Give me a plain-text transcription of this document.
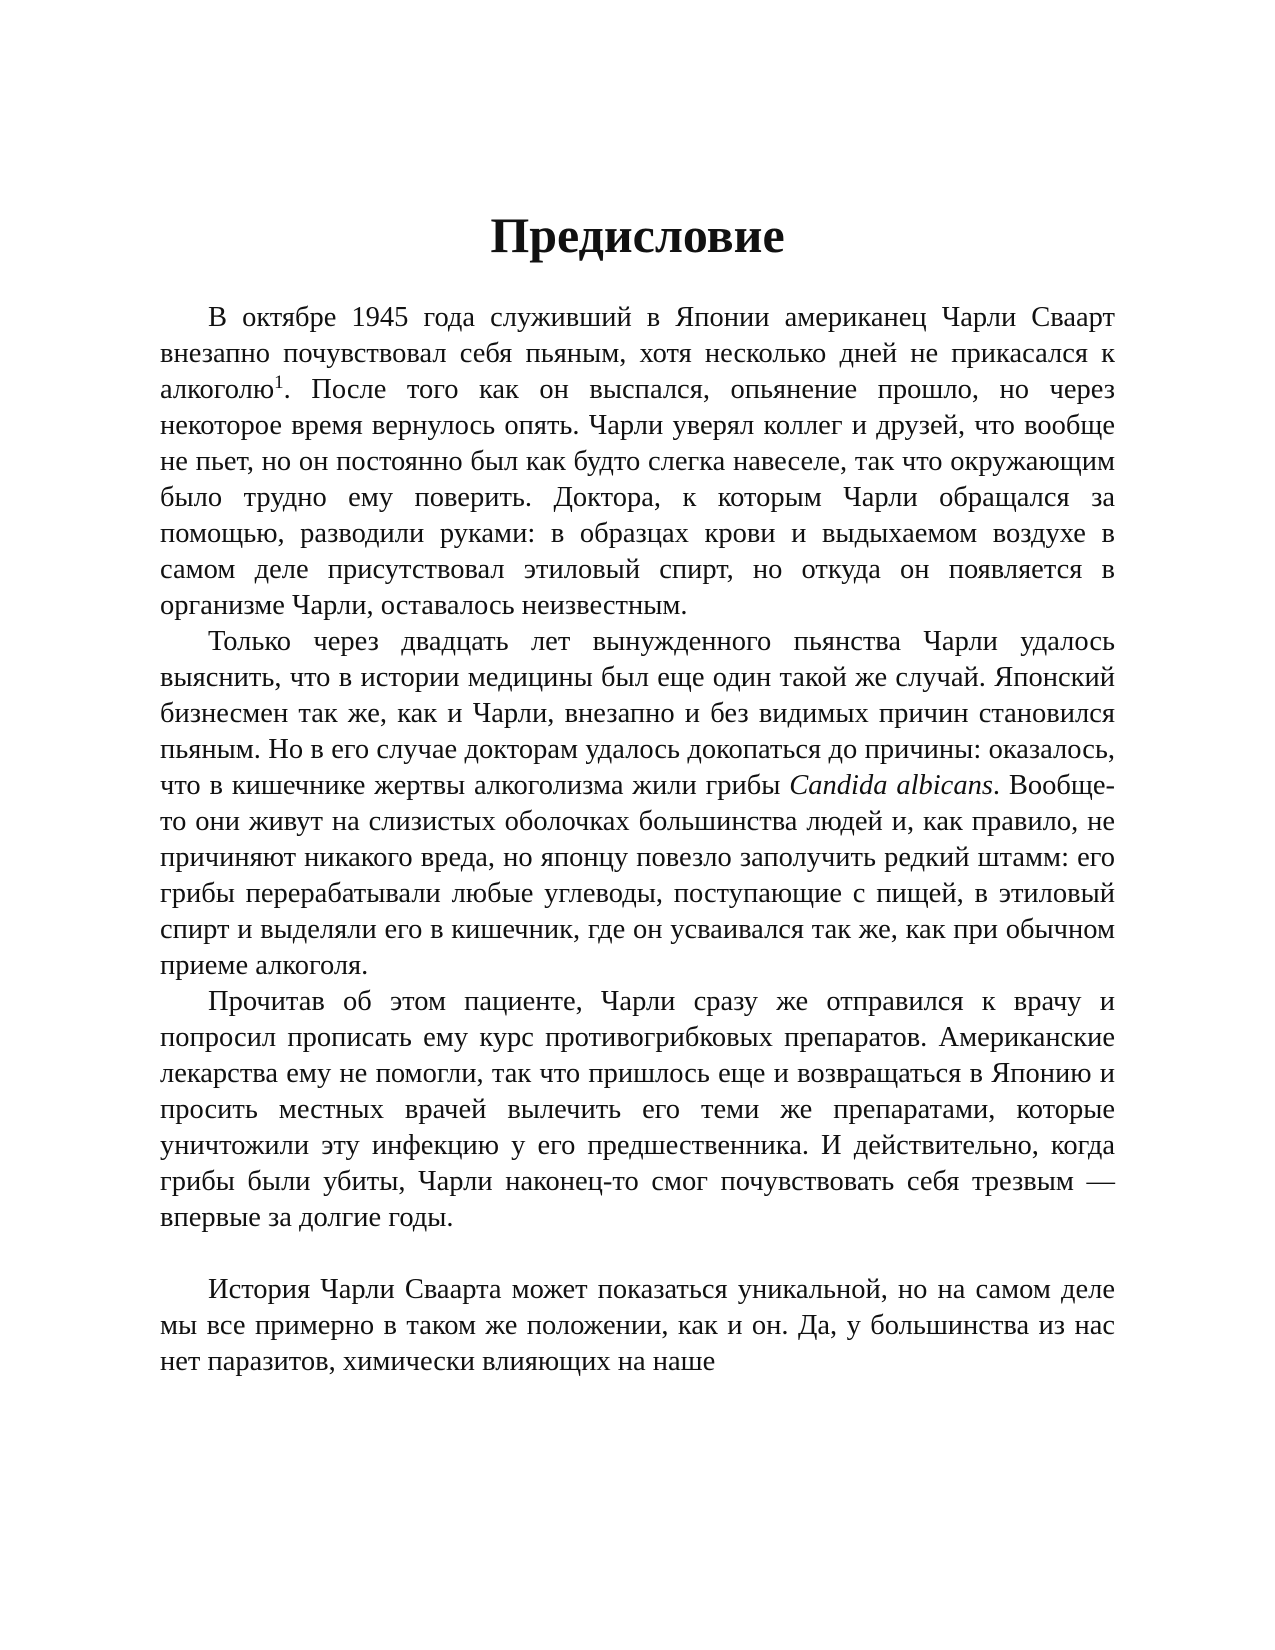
Предисловие

В октябре 1945 года служивший в Японии американец Чарли Сваарт внезапно почувствовал себя пьяным, хотя несколько дней не прикасался к алкоголю$^1$. После того как он выспался, опьянение прошло, но через некоторое время вернулось опять. Чарли уверял коллег и друзей, что вообще не пьет, но он постоянно был как будто слегка навеселе, так что окружающим было трудно ему поверить. Доктора, к которым Чарли обращался за помощью, разводили руками: в образцах крови и выдыхаемом воздухе в самом деле присутствовал этиловый спирт, но откуда он появляется в организме Чарли, оставалось неизвестным.

Только через двадцать лет вынужденного пьянства Чарли удалось выяснить, что в истории медицины был еще один такой же случай. Японский бизнесмен так же, как и Чарли, внезапно и без видимых причин становился пьяным. Но в его случае докторам удалось докопаться до причины: оказалось, что в кишечнике жертвы алкоголизма жили грибы Candida albicans. Вообще-то они живут на слизистых оболочках большинства людей и, как правило, не причиняют никакого вреда, но японцу повезло заполучить редкий штамм: его грибы перерабатывали любые углеводы, поступающие с пищей, в этиловый спирт и выделяли его в кишечник, где он усваивался так же, как при обычном приеме алкоголя.

Прочитав об этом пациенте, Чарли сразу же отправился к врачу и попросил прописать ему курс противогрибковых препаратов. Американские лекарства ему не помогли, так что пришлось еще и возвращаться в Японию и просить местных врачей вылечить его теми же препаратами, которые уничтожили эту инфекцию у его предшественника. И действительно, когда грибы были убиты, Чарли наконец-то смог почувствовать себя трезвым — впервые за долгие годы.

История Чарли Сваарта может показаться уникальной, но на самом деле мы все примерно в таком же положении, как и он. Да, у большинства из нас нет паразитов, химически влияющих на наше
